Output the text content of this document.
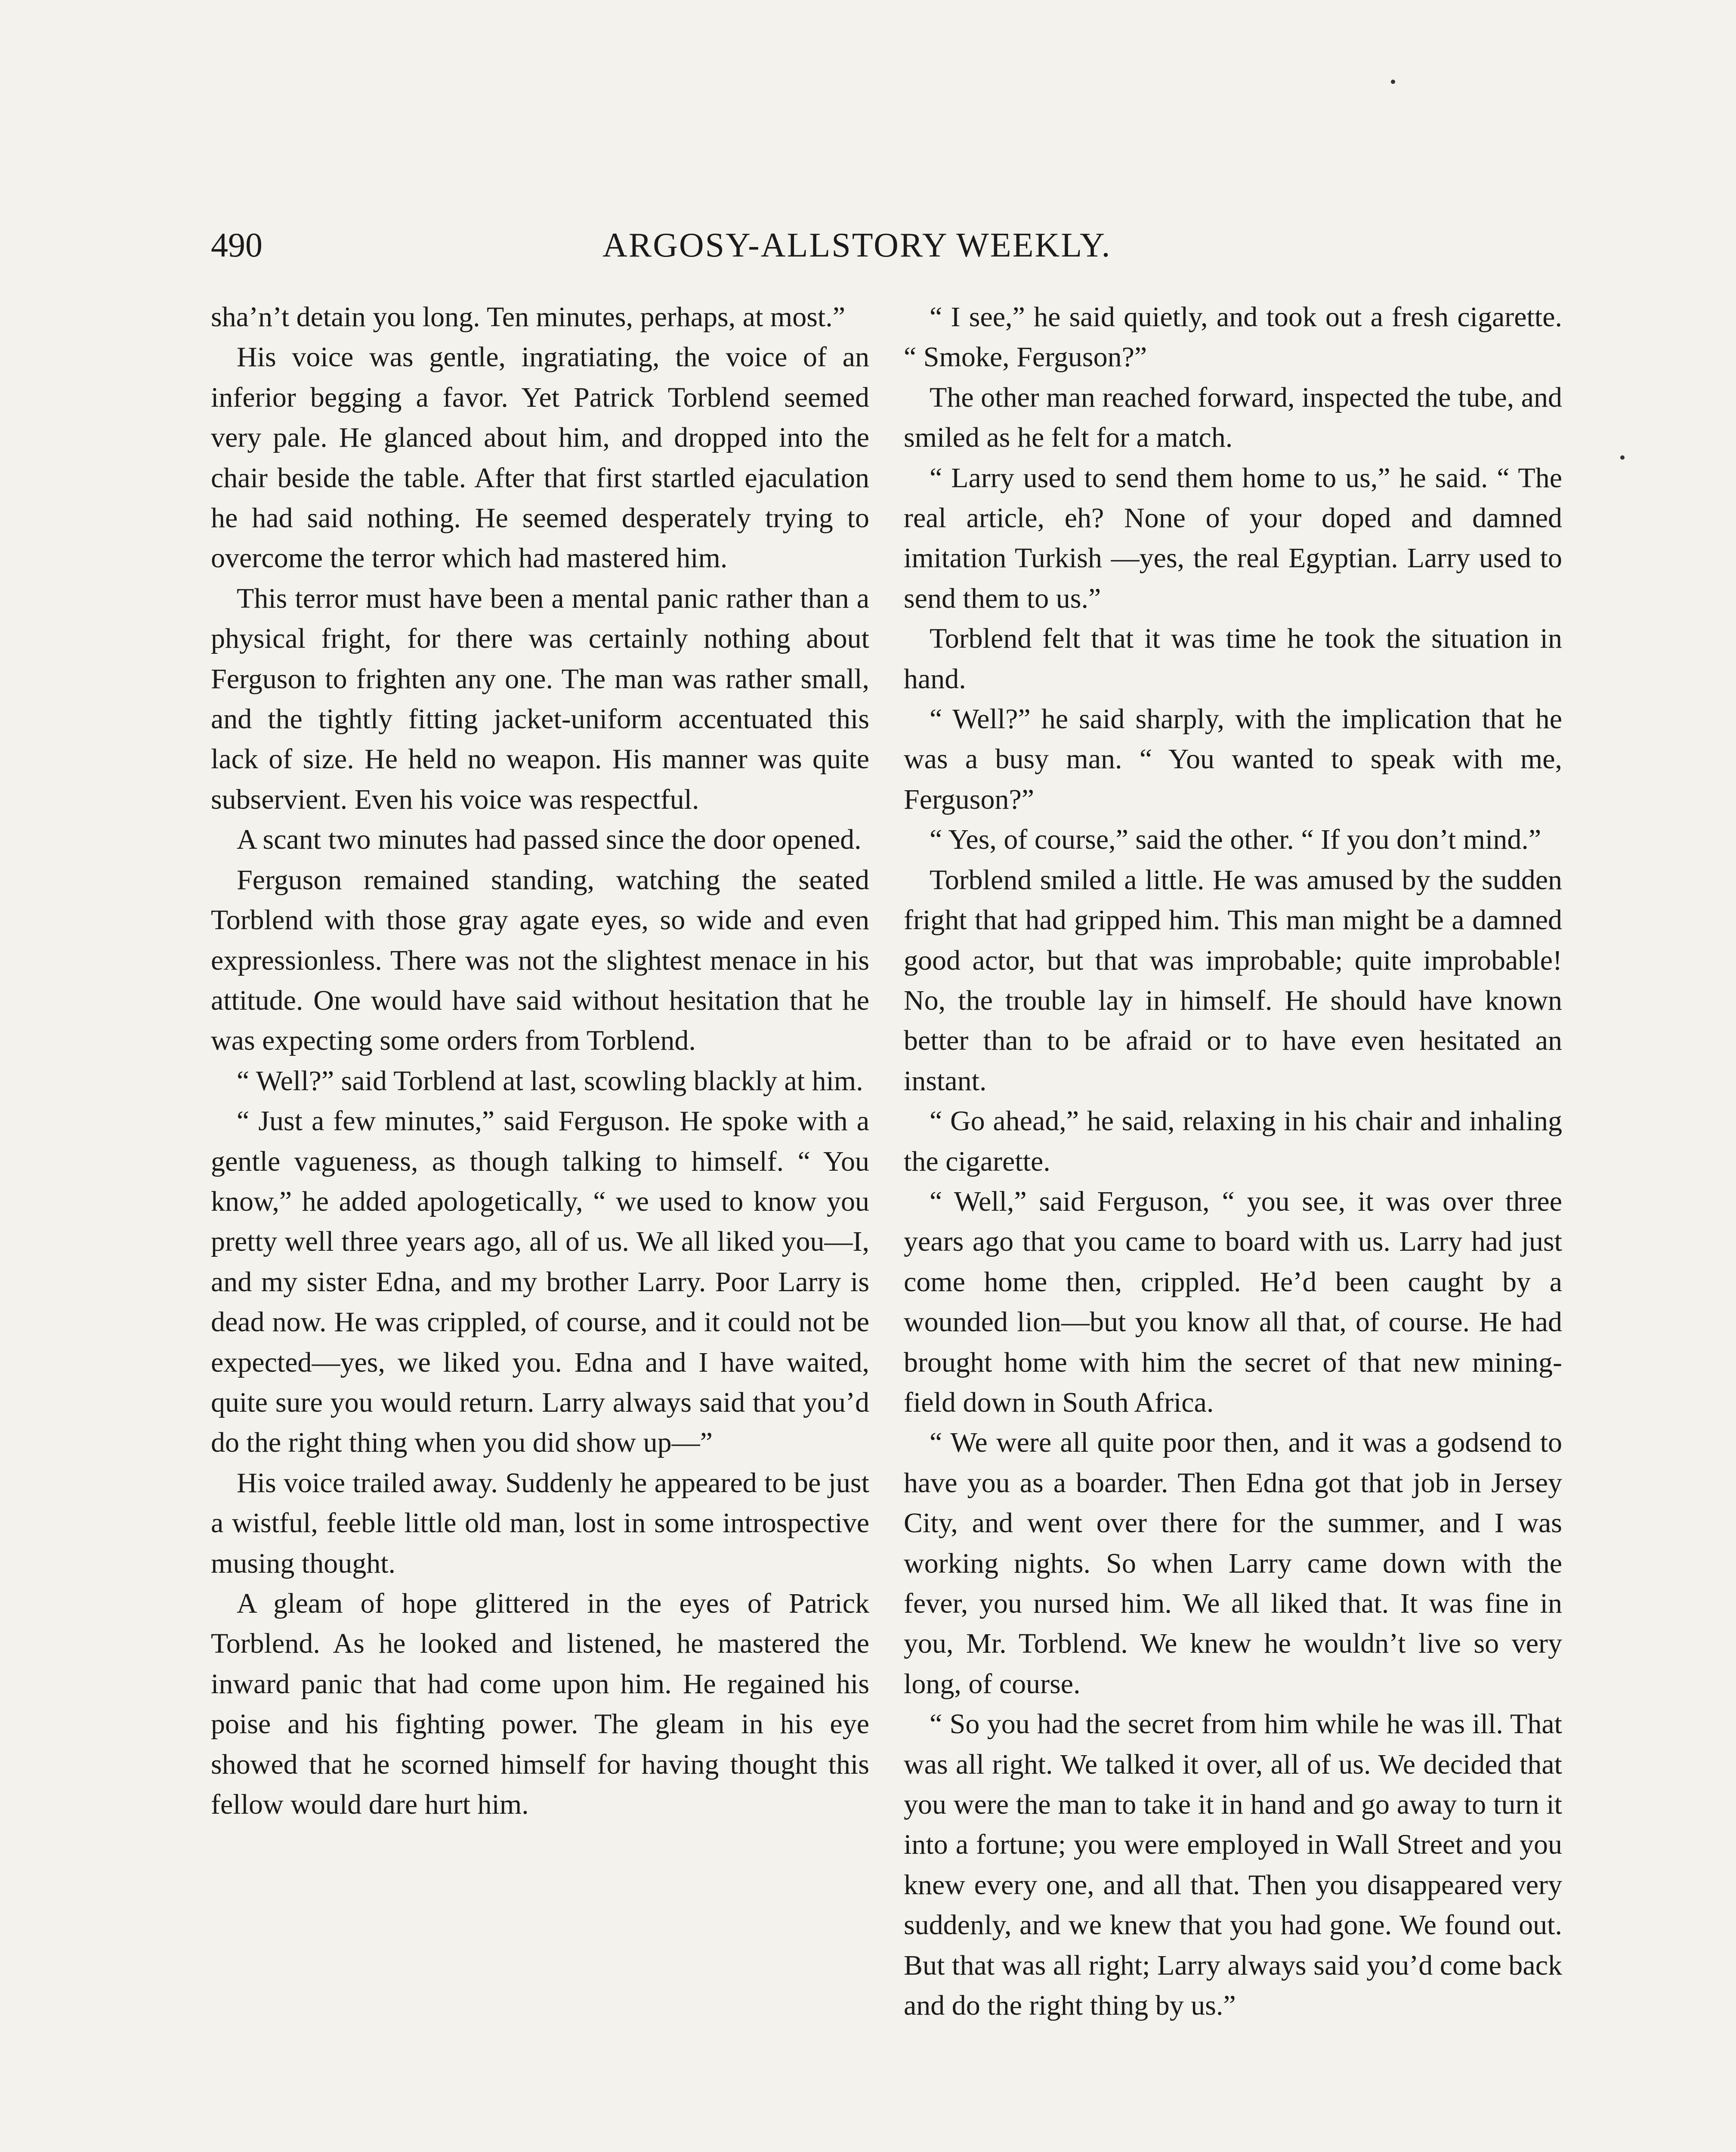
490	ARGOSY-ALLSTORY WEEKLY.

sha’n’t detain you long. Ten minutes, perhaps, at most.”

His voice was gentle, ingratiating, the voice of an inferior begging a favor. Yet Patrick Torblend seemed very pale. He glanced about him, and dropped into the chair beside the table. After that first startled ejaculation he had said nothing. He seemed desperately trying to overcome the terror which had mastered him.

This terror must have been a mental panic rather than a physical fright, for there was certainly nothing about Ferguson to frighten any one. The man was rather small, and the tightly fitting jacket-uniform accentuated this lack of size. He held no weapon. His manner was quite subservient. Even his voice was respectful.

A scant two minutes had passed since the door opened.

Ferguson remained standing, watching the seated Torblend with those gray agate eyes, so wide and even expressionless. There was not the slightest menace in his attitude. One would have said without hesitation that he was expecting some orders from Torblend.

“ Well?” said Torblend at last, scowling blackly at him.

“ Just a few minutes,” said Ferguson. He spoke with a gentle vagueness, as though talking to himself. “ You know,” he added apologetically, “ we used to know you pretty well three years ago, all of us. We all liked you—I, and my sister Edna, and my brother Larry. Poor Larry is dead now. He was crippled, of course, and it could not be expected—yes, we liked you. Edna and I have waited, quite sure you would return. Larry always said that you’d do the right thing when you did show up—”

His voice trailed away. Suddenly he appeared to be just a wistful, feeble little old man, lost in some introspective musing thought.

A gleam of hope glittered in the eyes of Patrick Torblend. As he looked and listened, he mastered the inward panic that had come upon him. He regained his poise and his fighting power. The gleam in his eye showed that he scorned himself for having thought this fellow would dare hurt him.

“ I see,” he said quietly, and took out a fresh cigarette. “ Smoke, Ferguson?”

The other man reached forward, inspected the tube, and smiled as he felt for a match.

“ Larry used to send them home to us,” he said. “ The real article, eh? None of your doped and damned imitation Turkish —yes, the real Egyptian. Larry used to send them to us.”

Torblend felt that it was time he took the situation in hand.

“ Well?” he said sharply, with the implication that he was a busy man. “ You wanted to speak with me, Ferguson?”

“ Yes, of course,” said the other. “ If you don’t mind.”

Torblend smiled a little. He was amused by the sudden fright that had gripped him. This man might be a damned good actor, but that was improbable; quite improbable! No, the trouble lay in himself. He should have known better than to be afraid or to have even hesitated an instant.

“ Go ahead,” he said, relaxing in his chair and inhaling the cigarette.

“ Well,” said Ferguson, “ you see, it was over three years ago that you came to board with us. Larry had just come home then, crippled. He’d been caught by a wounded lion—but you know all that, of course. He had brought home with him the secret of that new mining-field down in South Africa.

“ We were all quite poor then, and it was a godsend to have you as a boarder. Then Edna got that job in Jersey City, and went over there for the summer, and I was working nights. So when Larry came down with the fever, you nursed him. We all liked that. It was fine in you, Mr. Torblend. We knew he wouldn’t live so very long, of course.

“ So you had the secret from him while he was ill. That was all right. We talked it over, all of us. We decided that you were the man to take it in hand and go away to turn it into a fortune; you were employed in Wall Street and you knew every one, and all that. Then you disappeared very suddenly, and we knew that you had gone. We found out. But that was all right; Larry always said you’d come back and do the right thing by us.”
